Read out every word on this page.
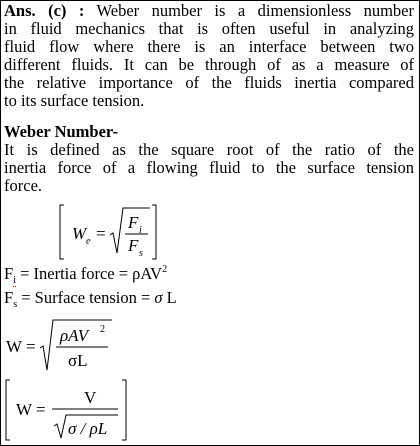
Ans. (c) : Weber number is a dimensionless number
in fluid mechanics that is often useful in analyzing
fluid flow where there is an interface between two
different fluids. It can be through of as a measure of
the relative importance of the fluids inertia compared
to its surface tension.
Weber Number-
It is defined as the square root of the ratio of the
inertia force of a flowing fluid to the surface tension
force.
W e =
F i
F s
$F_i$ = Inertia force = ρAV$^2$
$F_s$ = Surface tension = σ L
W =
ρAV 2
σL
W =
V
σ / ρL
